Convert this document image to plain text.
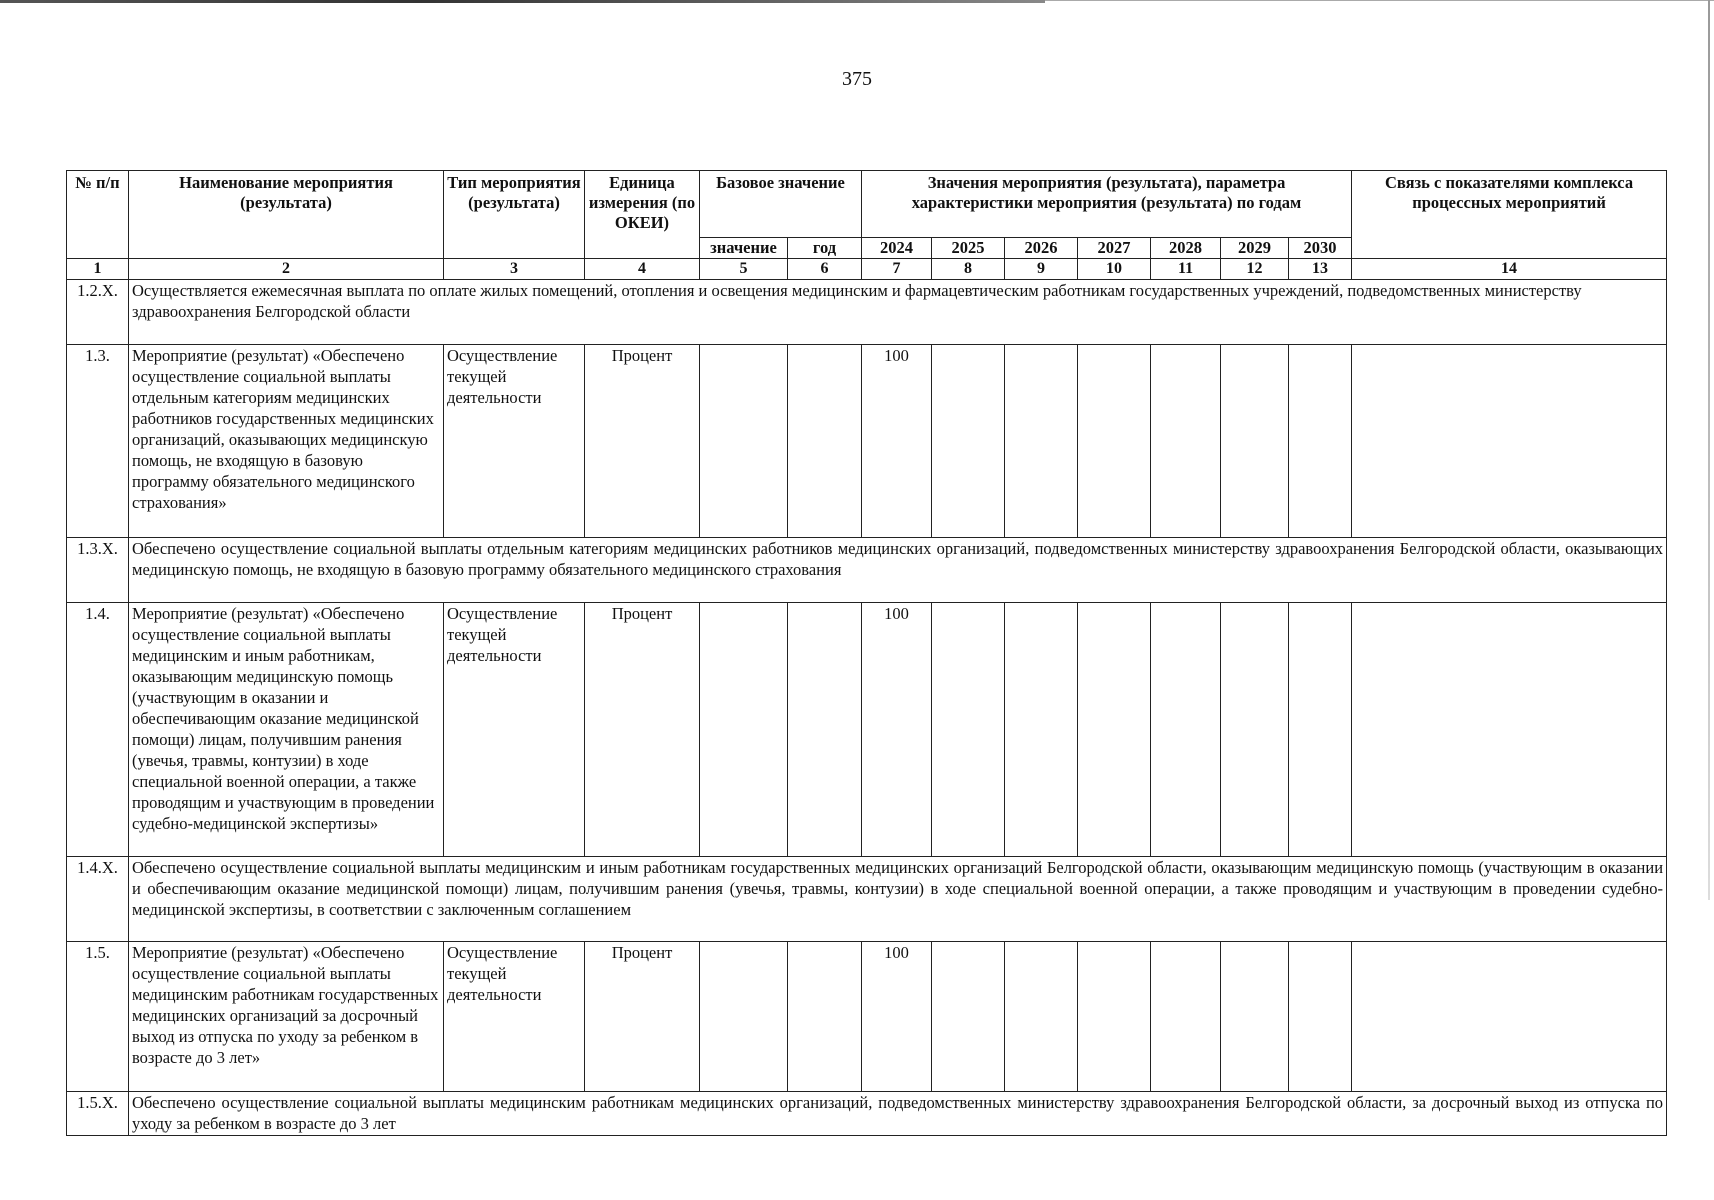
375
№ п/п	Наименование мероприятия (результата)	Тип мероприятия (результата)	Единица измерения (по ОКЕИ)	Базовое значение		Значения мероприятия (результата), параметра характеристики мероприятия (результата) по годам							Связь с показателями комплекса процессных мероприятий
				значение	год	2024	2025	2026	2027	2028	2029	2030	
1	2	3	4	5	6	7	8	9	10	11	12	13	14
1.2.Х.	Осуществляется ежемесячная выплата по оплате жилых помещений, отопления и освещения медицинским и фармацевтическим работникам государственных учреждений, подведомственных министерству здравоохранения Белгородской области												
1.3.	Мероприятие (результат) «Обеспечено осуществление социальной выплаты отдельным категориям медицинских работников государственных медицинских организаций, оказывающих медицинскую помощь, не входящую в базовую программу обязательного медицинского страхования»	Осуществление текущей деятельности	Процент			100							
1.3.Х.	Обеспечено осуществление социальной выплаты отдельным категориям медицинских работников медицинских организаций, подведомственных министерству здравоохранения Белгородской области, оказывающих медицинскую помощь, не входящую в базовую программу обязательного медицинского страхования												
1.4.	Мероприятие (результат) «Обеспечено осуществление социальной выплаты медицинским и иным работникам, оказывающим медицинскую помощь (участвующим в оказании и обеспечивающим оказание медицинской помощи) лицам, получившим ранения (увечья, травмы, контузии) в ходе специальной военной операции, а также проводящим и участвующим в проведении судебно-медицинской экспертизы»	Осуществление текущей деятельности	Процент			100							
1.4.Х.	Обеспечено осуществление социальной выплаты медицинским и иным работникам государственных медицинских организаций Белгородской области, оказывающим медицинскую помощь (участвующим в оказании и обеспечивающим оказание медицинской помощи) лицам, получившим ранения (увечья, травмы, контузии) в ходе специальной военной операции, а также проводящим и участвующим в проведении судебно-медицинской экспертизы, в соответствии с заключенным соглашением												
1.5.	Мероприятие (результат) «Обеспечено осуществление социальной выплаты медицинским работникам государственных медицинских организаций за досрочный выход из отпуска по уходу за ребенком в возрасте до 3 лет»	Осуществление текущей деятельности	Процент			100							
1.5.Х.	Обеспечено осуществление социальной выплаты медицинским работникам медицинских организаций, подведомственных министерству здравоохранения Белгородской области, за досрочный выход из отпуска по уходу за ребенком в возрасте до 3 лет												
